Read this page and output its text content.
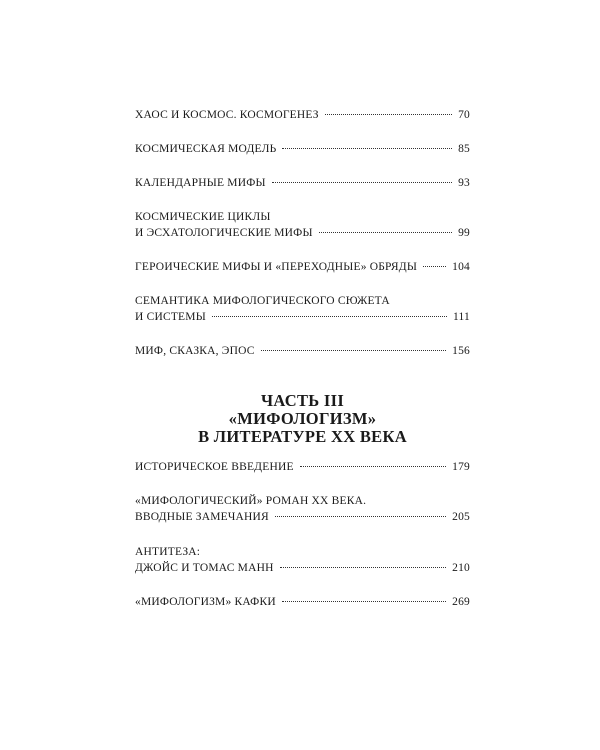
ХАОС И КОСМОС. КОСМОГЕНЕЗ	70
КОСМИЧЕСКАЯ МОДЕЛЬ	85
КАЛЕНДАРНЫЕ МИФЫ	93
КОСМИЧЕСКИЕ ЦИКЛЫ
И ЭСХАТОЛОГИЧЕСКИЕ МИФЫ	99
ГЕРОИЧЕСКИЕ МИФЫ И «ПЕРЕХОДНЫЕ» ОБРЯДЫ	104
СЕМАНТИКА МИФОЛОГИЧЕСКОГО СЮЖЕТА
И СИСТЕМЫ	111
МИФ, СКАЗКА, ЭПОС	156
ЧАСТЬ III
«МИФОЛОГИЗМ»
В ЛИТЕРАТУРЕ XX ВЕКА
ИСТОРИЧЕСКОЕ ВВЕДЕНИЕ	179
«МИФОЛОГИЧЕСКИЙ» РОМАН XX ВЕКА.
ВВОДНЫЕ ЗАМЕЧАНИЯ	205
АНТИТЕЗА:
ДЖОЙС И ТОМАС МАНН	210
«МИФОЛОГИЗМ» КАФКИ	269
